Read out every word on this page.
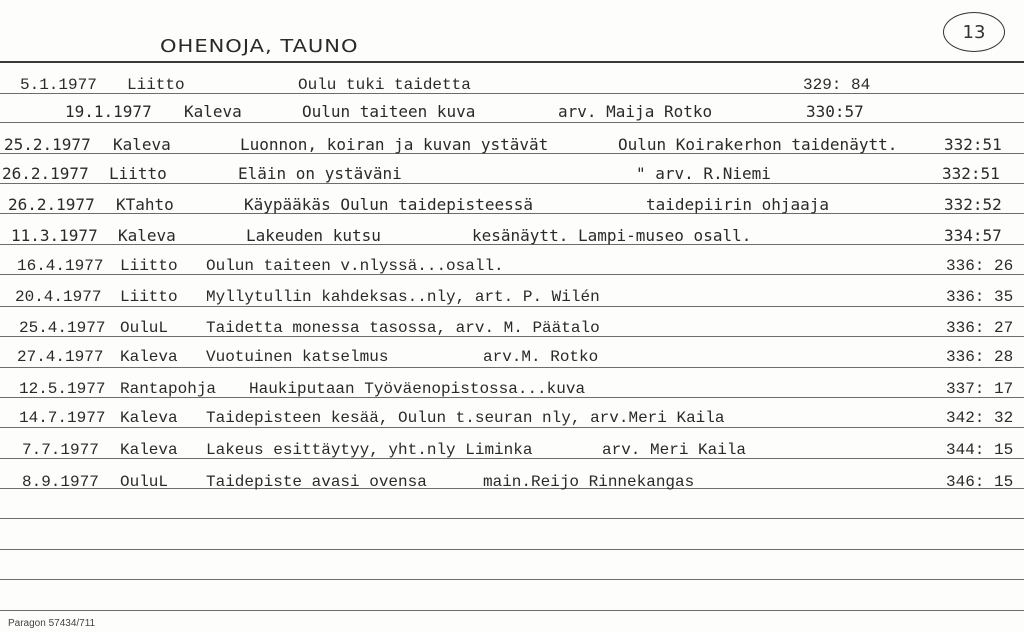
OHENOJA, TAUNO
13
5.1.1977 Liitto	Oulu tuki taidetta	329: 84
19.1.1977 Kaleva	Oulun taiteen kuva	arv. Maija Rotko	330:57
25.2.1977 Kaleva	Luonnon, koiran ja kuvan ystävät	Oulun Koirakerhon taidenäytt.	332:51
26.2.1977 Liitto	Eläin on ystäväni	" arv. R.Niemi	332:51
26.2.1977 KTahto	Käypääkäs Oulun taidepisteessä	taidepiirin ohjaaja	332:52
11.3.1977 Kaleva	Lakeuden kutsu	kesänäytt. Lampi-museo osall.	334:57
16.4.1977 Liitto Oulun taiteen v.nlyssä...osall.	336: 26
20.4.1977 Liitto Myllytullin kahdeksas..nly, art. P. Wilén	336: 35
25.4.1977 OuluL Taidetta monessa tasossa, arv. M. Päätalo	336: 27
27.4.1977 Kaleva Vuotuinen katselmus	arv.M. Rotko	336: 28
12.5.1977 Rantapohja Haukiputaan Työväenopistossa...kuva	337: 17
14.7.1977 Kaleva Taidepisteen kesää, Oulun t.seuran nly, arv.Meri Kaila	342: 32
7.7.1977 Kaleva Lakeus esittäytyy, yht.nly Liminka	arv. Meri Kaila	344: 15
8.9.1977 OuluL Taidepiste avasi ovensa	main.Reijo Rinnekangas	346: 15
Paragon 57434/711
